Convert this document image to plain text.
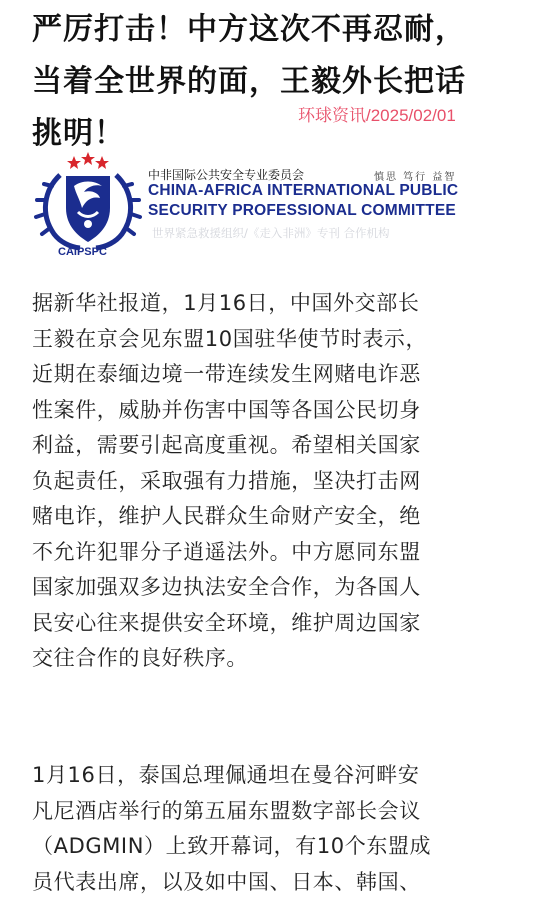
严厉打击！中方这次不再忍耐，
当着全世界的面，王毅外长把话
挑明！
环球资讯/2025/02/01
CAIPSPC
中非国际公共安全专业委员会	慎思 笃行 益智
CHINA-AFRICA INTERNATIONAL PUBLIC
SECURITY PROFESSIONAL COMMITTEE
世界紧急救援组织/《走入非洲》专刊 合作机构

据新华社报道，1月16日，中国外交部长
王毅在京会见东盟10国驻华使节时表示，
近期在泰缅边境一带连续发生网赌电诈恶
性案件，威胁并伤害中国等各国公民切身
利益，需要引起高度重视。希望相关国家
负起责任，采取强有力措施，坚决打击网
赌电诈，维护人民群众生命财产安全，绝
不允许犯罪分子逍遥法外。中方愿同东盟
国家加强双多边执法安全合作，为各国人
民安心往来提供安全环境，维护周边国家
交往合作的良好秩序。

1月16日，泰国总理佩通坦在曼谷河畔安
凡尼酒店举行的第五届东盟数字部长会议
（ADGMIN）上致开幕词，有10个东盟成
员代表出席，以及如中国、日本、韩国、
